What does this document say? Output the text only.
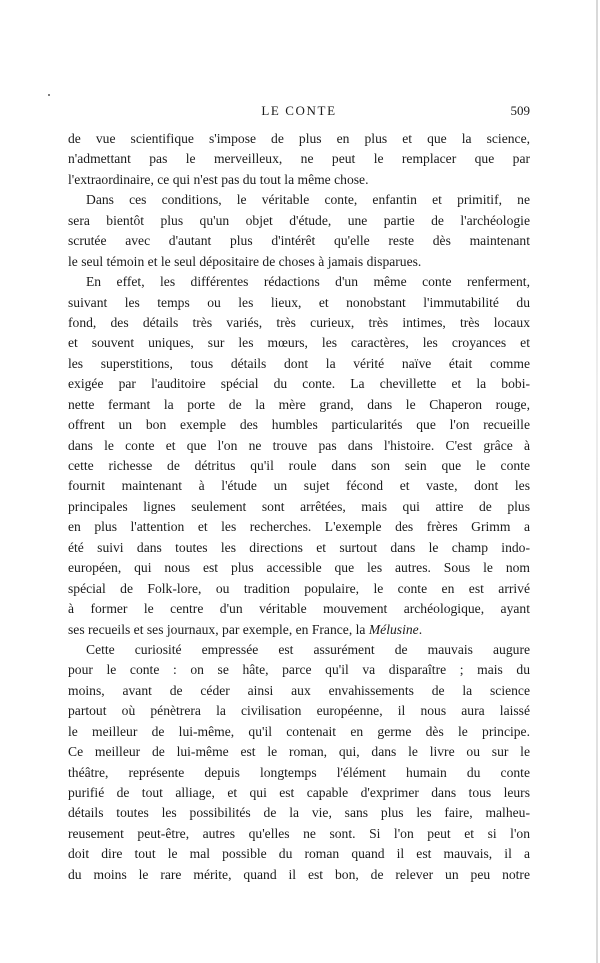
LE CONTE	509
de vue scientifique s'impose de plus en plus et que la science,
n'admettant pas le merveilleux, ne peut le remplacer que par
l'extraordinaire, ce qui n'est pas du tout la même chose.
Dans ces conditions, le véritable conte, enfantin et primitif, ne
sera bientôt plus qu'un objet d'étude, une partie de l'archéologie
scrutée avec d'autant plus d'intérêt qu'elle reste dès maintenant
le seul témoin et le seul dépositaire de choses à jamais disparues.
En effet, les différentes rédactions d'un même conte renferment,
suivant les temps ou les lieux, et nonobstant l'immutabilité du
fond, des détails très variés, très curieux, très intimes, très locaux
et souvent uniques, sur les mœurs, les caractères, les croyances et
les superstitions, tous détails dont la vérité naïve était comme
exigée par l'auditoire spécial du conte. La chevillette et la bobi-
nette fermant la porte de la mère grand, dans le Chaperon rouge,
offrent un bon exemple des humbles particularités que l'on recueille
dans le conte et que l'on ne trouve pas dans l'histoire. C'est grâce à
cette richesse de détritus qu'il roule dans son sein que le conte
fournit maintenant à l'étude un sujet fécond et vaste, dont les
principales lignes seulement sont arrêtées, mais qui attire de plus
en plus l'attention et les recherches. L'exemple des frères Grimm a
été suivi dans toutes les directions et surtout dans le champ indo-
européen, qui nous est plus accessible que les autres. Sous le nom
spécial de Folk-lore, ou tradition populaire, le conte en est arrivé
à former le centre d'un véritable mouvement archéologique, ayant
ses recueils et ses journaux, par exemple, en France, la Mélusine.
Cette curiosité empressée est assurément de mauvais augure
pour le conte : on se hâte, parce qu'il va disparaître ; mais du
moins, avant de céder ainsi aux envahissements de la science
partout où pénètrera la civilisation européenne, il nous aura laissé
le meilleur de lui-même, qu'il contenait en germe dès le principe.
Ce meilleur de lui-même est le roman, qui, dans le livre ou sur le
théâtre, représente depuis longtemps l'élément humain du conte
purifié de tout alliage, et qui est capable d'exprimer dans tous leurs
détails toutes les possibilités de la vie, sans plus les faire, malheu-
reusement peut-être, autres qu'elles ne sont. Si l'on peut et si l'on
doit dire tout le mal possible du roman quand il est mauvais, il a
du moins le rare mérite, quand il est bon, de relever un peu notre
